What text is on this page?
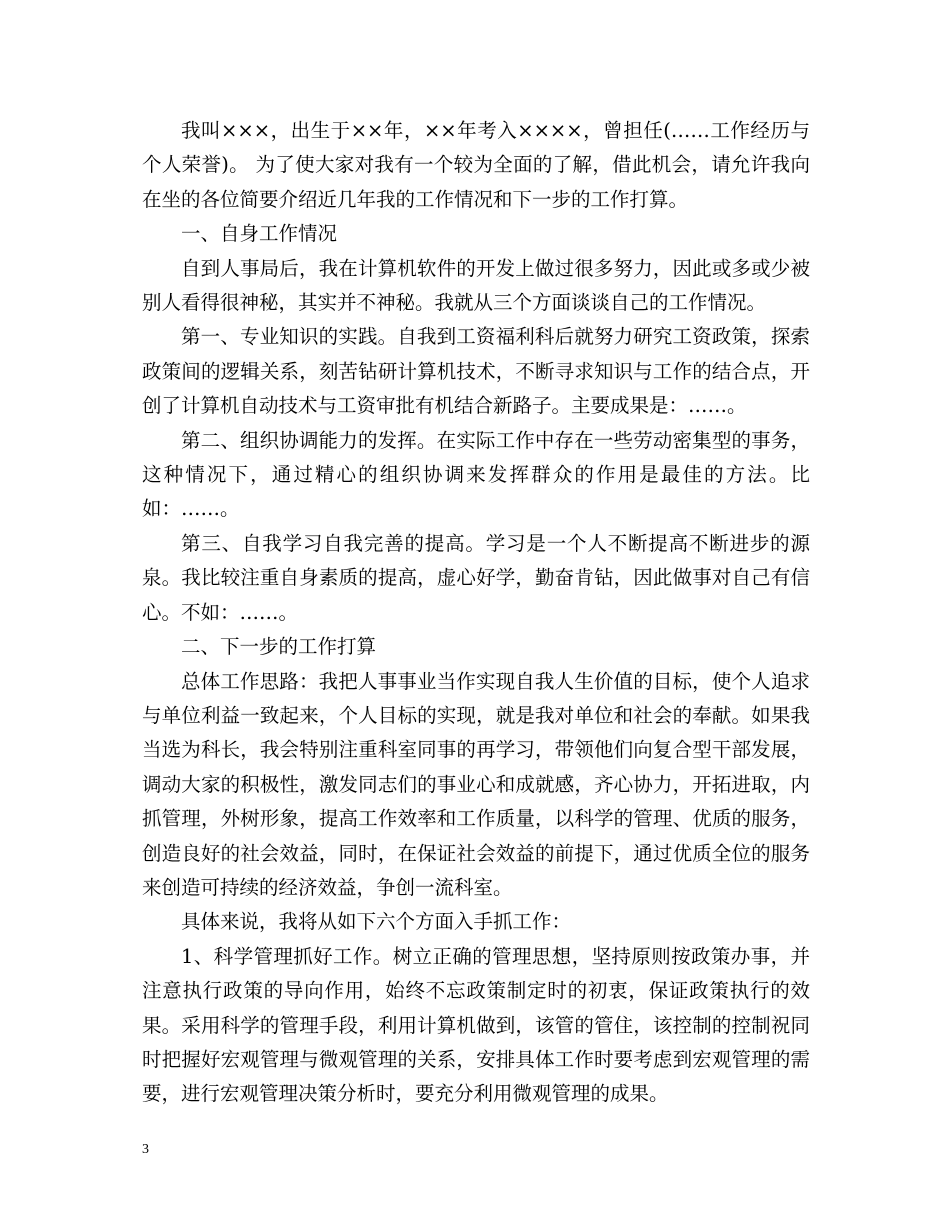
我叫×××，出生于××年，××年考入××××，曾担任(……工作经历与个人荣誉)。 为了使大家对我有一个较为全面的了解，借此机会，请允许我向在坐的各位简要介绍近几年我的工作情况和下一步的工作打算。

一、自身工作情况

自到人事局后，我在计算机软件的开发上做过很多努力，因此或多或少被别人看得很神秘，其实并不神秘。我就从三个方面谈谈自己的工作情况。

第一、专业知识的实践。自我到工资福利科后就努力研究工资政策，探索政策间的逻辑关系，刻苦钻研计算机技术，不断寻求知识与工作的结合点，开创了计算机自动技术与工资审批有机结合新路子。主要成果是：……。

第二、组织协调能力的发挥。在实际工作中存在一些劳动密集型的事务，这种情况下，通过精心的组织协调来发挥群众的作用是最佳的方法。比如：……。

第三、自我学习自我完善的提高。学习是一个人不断提高不断进步的源泉。我比较注重自身素质的提高，虚心好学，勤奋肯钻，因此做事对自己有信心。不如：……。

二、下一步的工作打算

总体工作思路：我把人事事业当作实现自我人生价值的目标，使个人追求与单位利益一致起来，个人目标的实现，就是我对单位和社会的奉献。如果我当选为科长，我会特别注重科室同事的再学习，带领他们向复合型干部发展，调动大家的积极性，激发同志们的事业心和成就感，齐心协力，开拓进取，内抓管理，外树形象，提高工作效率和工作质量，以科学的管理、优质的服务，创造良好的社会效益，同时，在保证社会效益的前提下，通过优质全位的服务来创造可持续的经济效益，争创一流科室。

具体来说，我将从如下六个方面入手抓工作：

1、科学管理抓好工作。树立正确的管理思想，坚持原则按政策办事，并注意执行政策的导向作用，始终不忘政策制定时的初衷，保证政策执行的效果。采用科学的管理手段，利用计算机做到，该管的管住，该控制的控制祝同时把握好宏观管理与微观管理的关系，安排具体工作时要考虑到宏观管理的需要，进行宏观管理决策分析时，要充分利用微观管理的成果。

3
